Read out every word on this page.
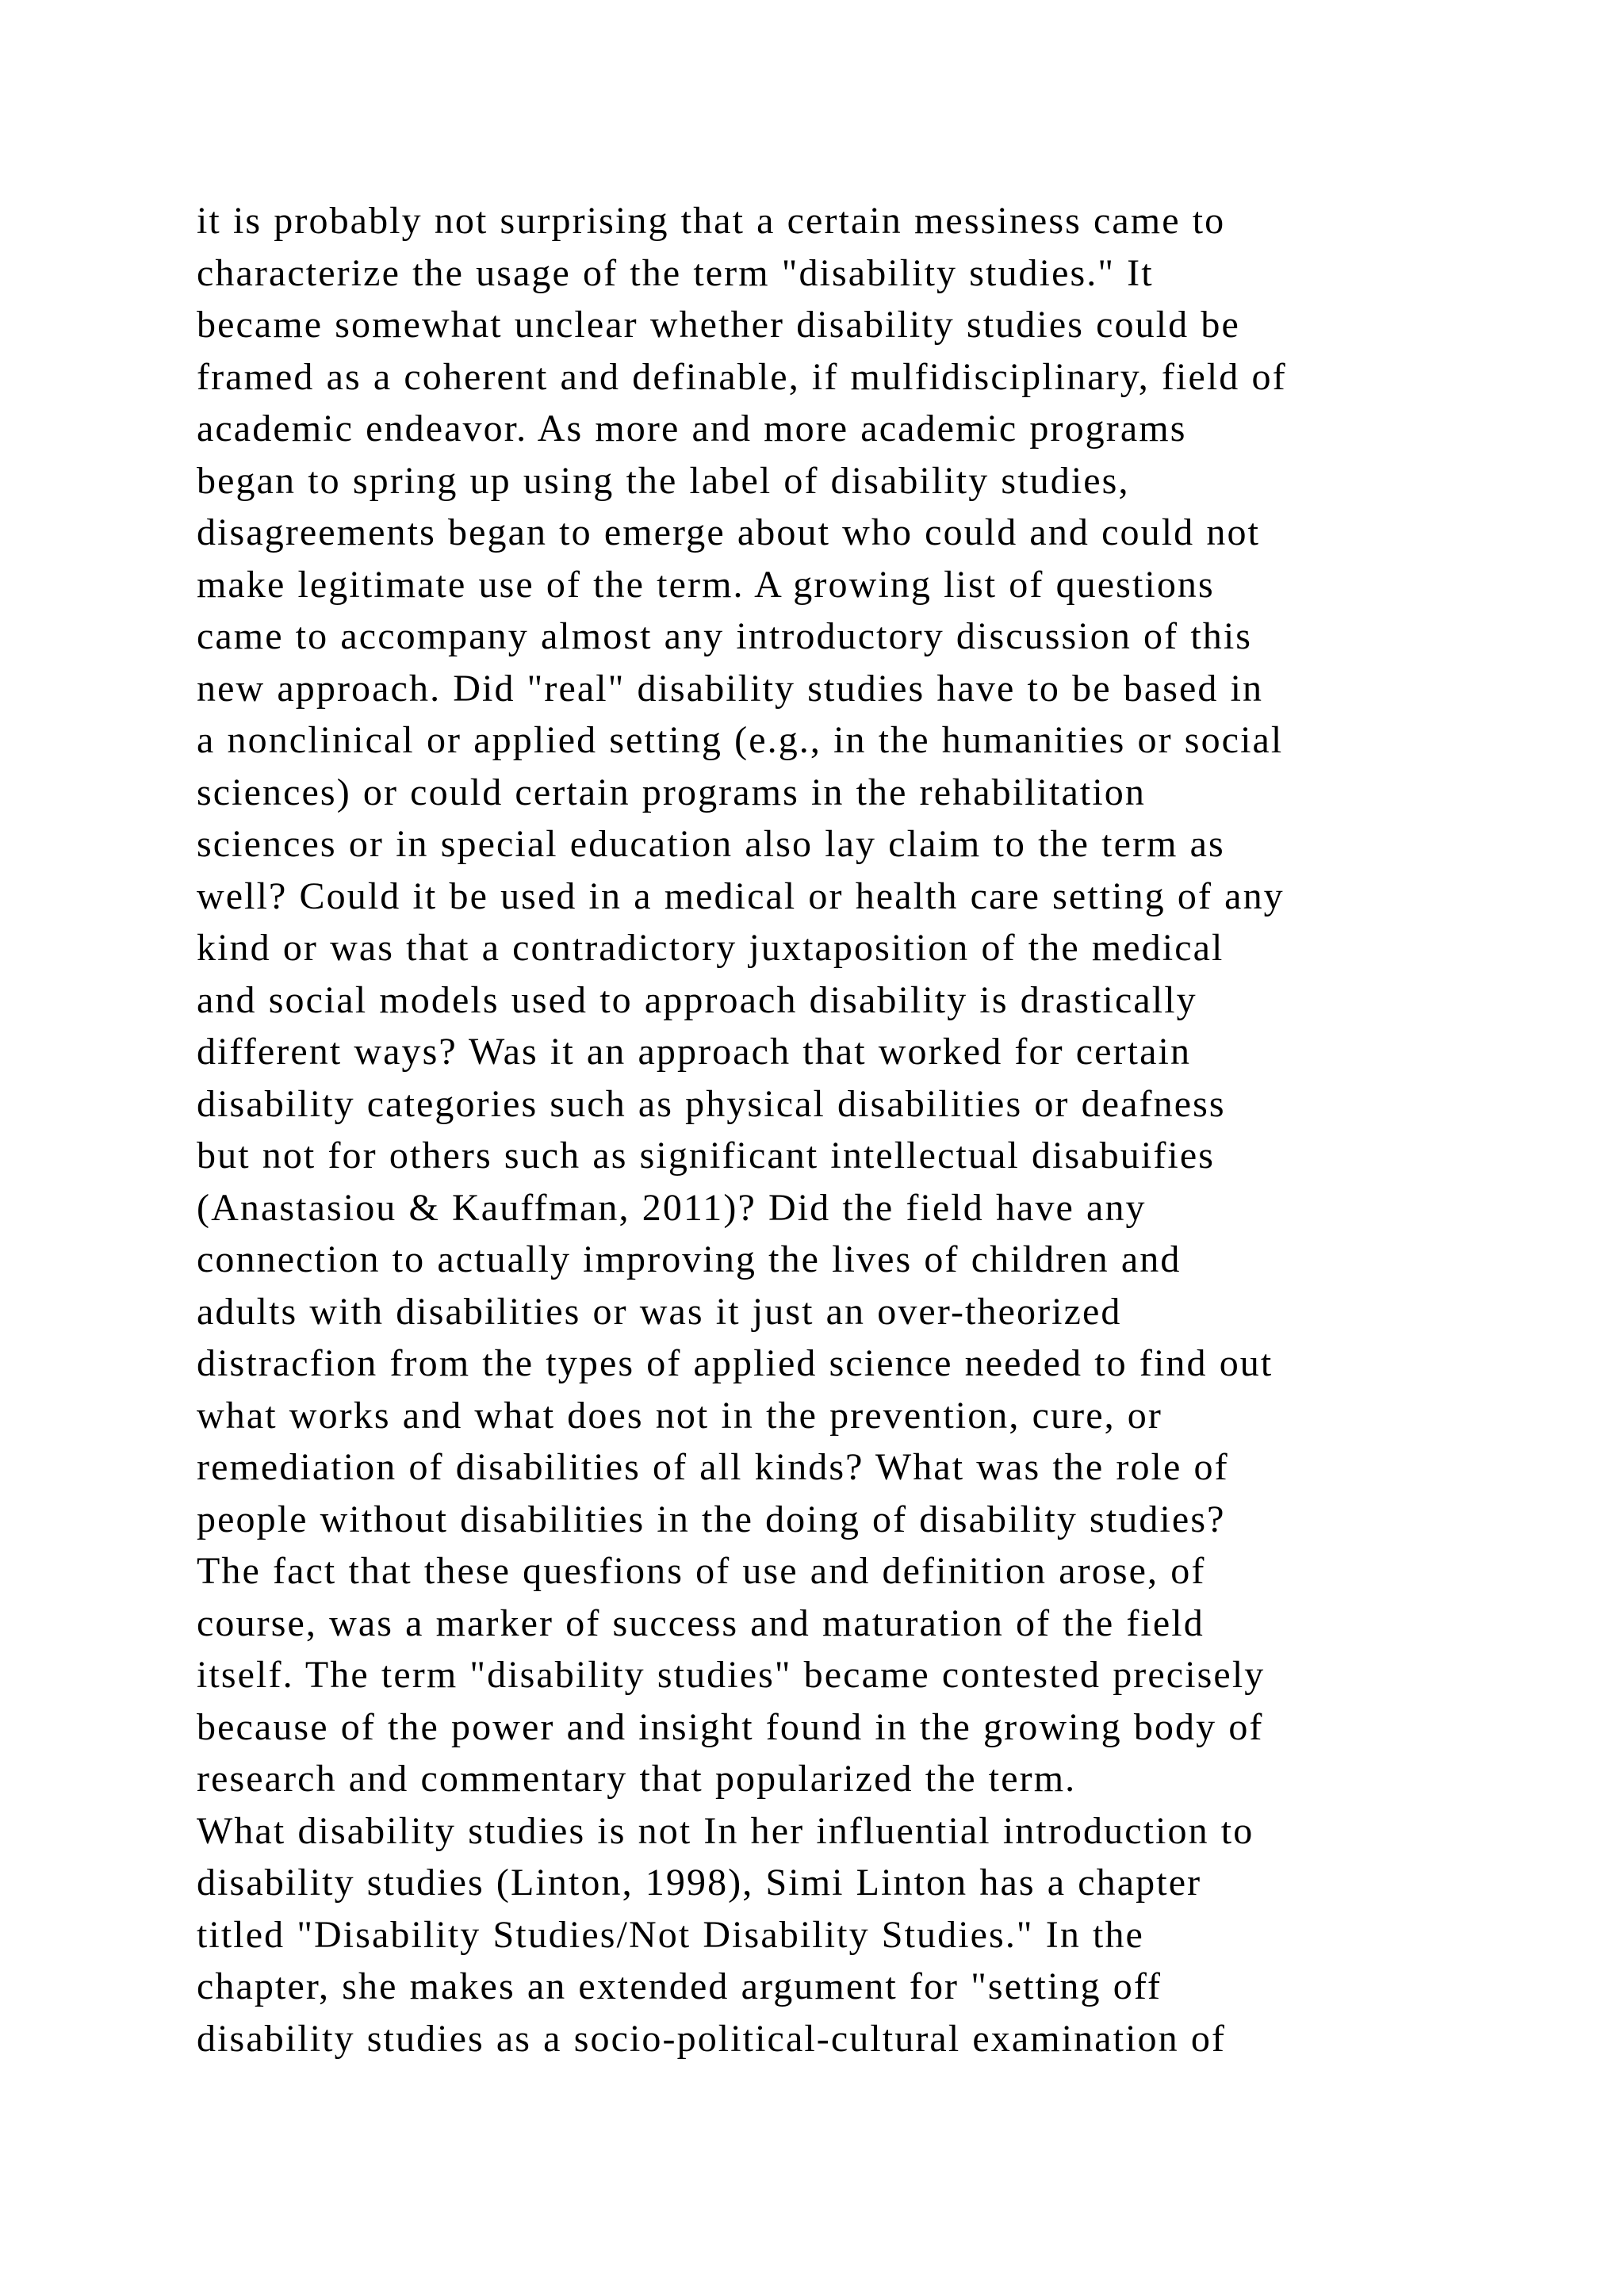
it is probably not surprising that a certain messiness came to
characterize the usage of the term "disability studies." It
became somewhat unclear whether disability studies could be
framed as a coherent and definable, if mulfidisciplinary, field of
academic endeavor. As more and more academic programs
began to spring up using the label of disability studies,
disagreements began to emerge about who could and could not
make legitimate use of the term. A growing list of questions
came to accompany almost any introductory discussion of this
new approach. Did "real" disability studies have to be based in
a nonclinical or applied setting (e.g., in the humanities or social
sciences) or could certain programs in the rehabilitation
sciences or in special education also lay claim to the term as
well? Could it be used in a medical or health care setting of any
kind or was that a contradictory juxtaposition of the medical
and social models used to approach disability is drastically
different ways? Was it an approach that worked for certain
disability categories such as physical disabilities or deafness
but not for others such as significant intellectual disabuifies
(Anastasiou & Kauffman, 2011)? Did the field have any
connection to actually improving the lives of children and
adults with disabilities or was it just an over-theorized
distracfion from the types of applied science needed to find out
what works and what does not in the prevention, cure, or
remediation of disabilities of all kinds? What was the role of
people without disabilities in the doing of disability studies?
The fact that these quesfions of use and definition arose, of
course, was a marker of success and maturation of the field
itself. The term "disability studies" became contested precisely
because of the power and insight found in the growing body of
research and commentary that popularized the term.
What disability studies is not In her influential introduction to
disability studies (Linton, 1998), Simi Linton has a chapter
titled "Disability Studies/Not Disability Studies." In the
chapter, she makes an extended argument for "setting off
disability studies as a socio-political-cultural examination of
